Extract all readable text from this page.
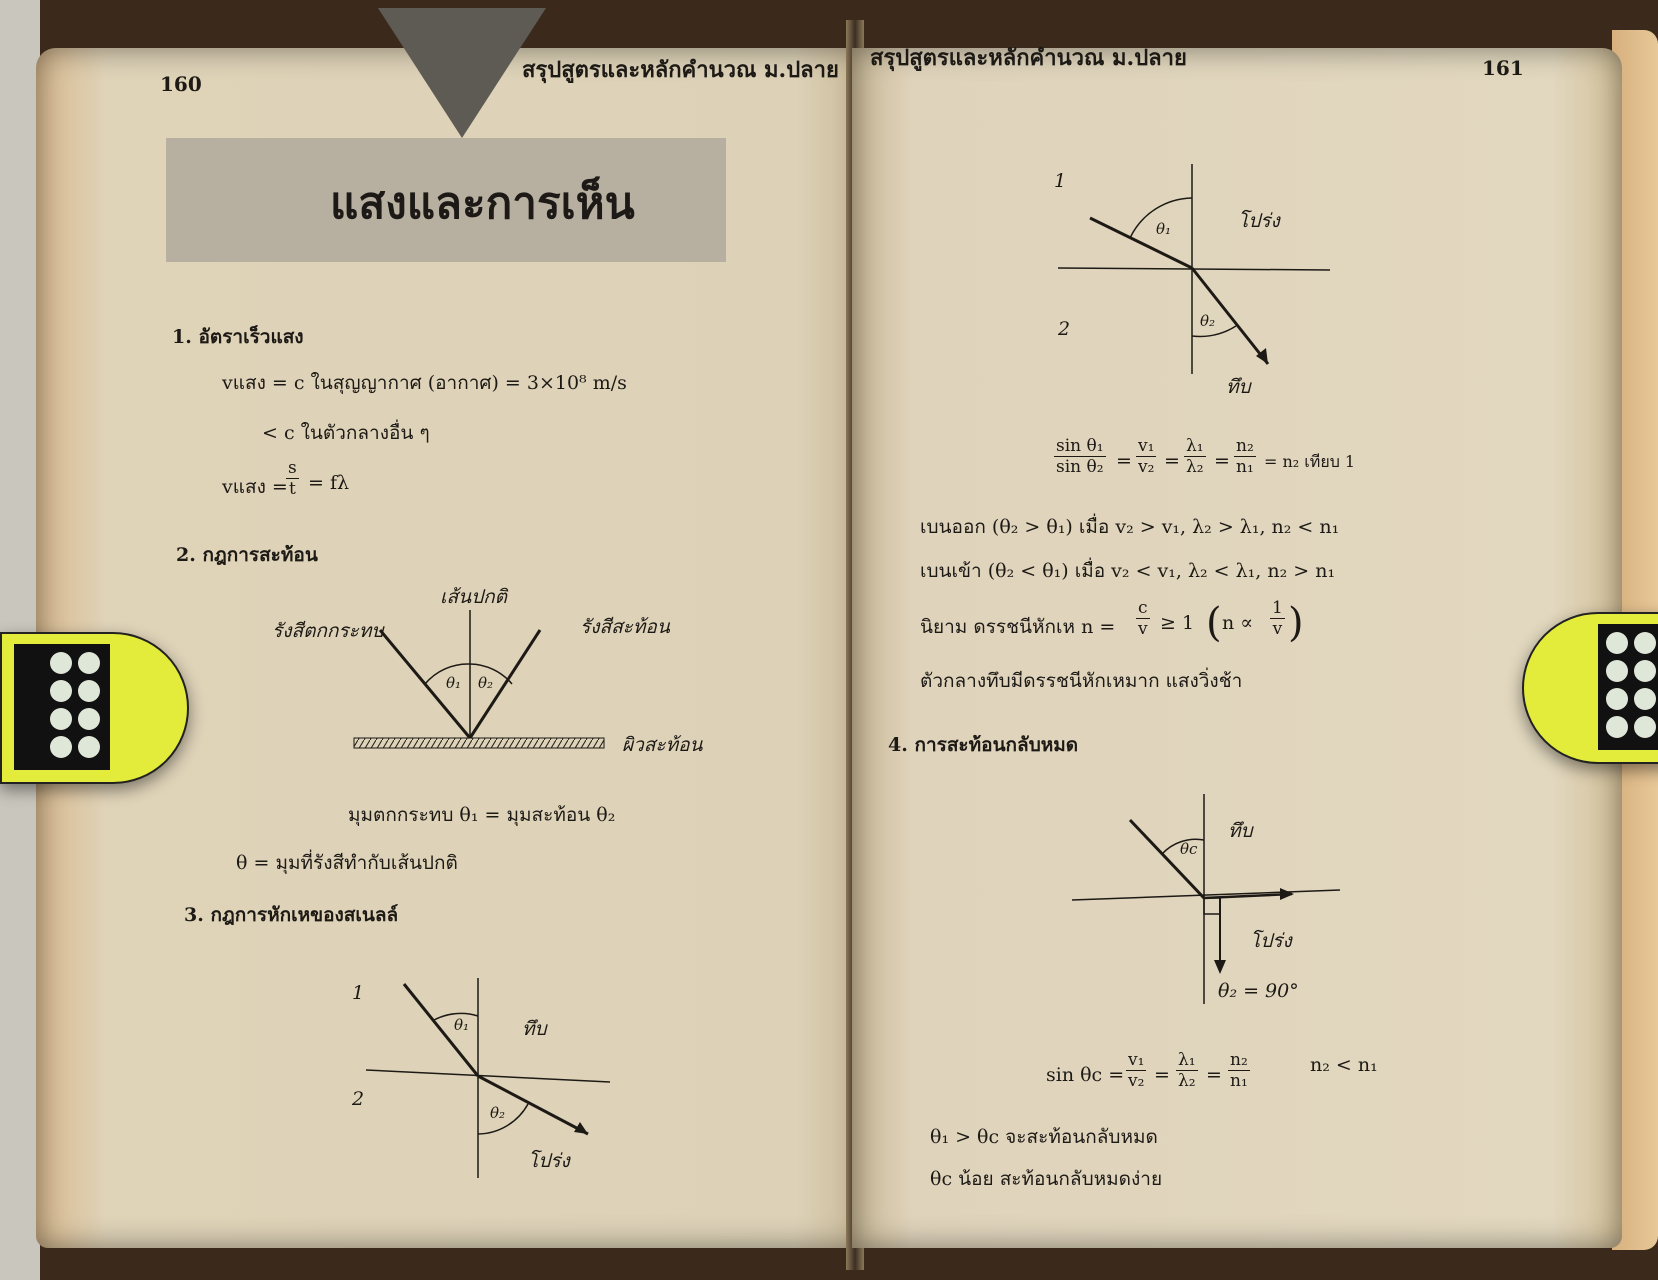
แสงและการเห็น
160
สรุปสูตรและหลักคำนวณ ม.ปลาย
1. อัตราเร็วแสง
vแสง = c ในสุญญากาศ (อากาศ) = 3×10⁸ m/s
< c ในตัวกลางอื่น ๆ
vแสง =
$\frac{s}{t} = f\lambda$
2. กฎการสะท้อน
เส้นปกติ
รังสีตกกระทบ	รังสีสะท้อน
θ₁ θ₂
ผิวสะท้อน
มุมตกกระทบ θ₁ = มุมสะท้อน θ₂
θ = มุมที่รังสีทำกับเส้นปกติ
3. กฎการหักเหของสเนลล์
1
2
θ₁	ทึบ
θ₂
โปร่ง
สรุปสูตรและหลักคำนวณ ม.ปลาย	161
1
2
θ₁	โปร่ง
θ₂
ทึบ
$\frac{\text{sin θ₁}}{\text{sin θ₂}} = \frac{\text{v₁}}{\text{v₂}} = \frac{\text{λ₁}}{\text{λ₂}} = \frac{\text{n₂}}{\text{n₁}} = n_2$ เทียบ 1
เบนออก (θ₂ > θ₁) เมื่อ v₂ > v₁, λ₂ > λ₁, n₂ < n₁
เบนเข้า (θ₂ < θ₁) เมื่อ v₂ < v₁, λ₂ < λ₁, n₂ > n₁
นิยาม ดรรชนีหักเห $n = \frac{c}{v} \ge 1$ ( $n \propto \frac{1}{v}$ )
ตัวกลางทึบมีดรรชนีหักเหมาก แสงวิ่งช้า
4. การสะท้อนกลับหมด
ทึบ
θc
โปร่ง
θ₂ = 90°
$\sin \theta c = \frac{\text{v₁}}{\text{v₂}} = \frac{\text{λ₁}}{\text{λ₂}} = \frac{\text{n₂}}{\text{n₁}}$	n₂ < n₁
θ₁ > θc จะสะท้อนกลับหมด
θc น้อย สะท้อนกลับหมดง่าย
